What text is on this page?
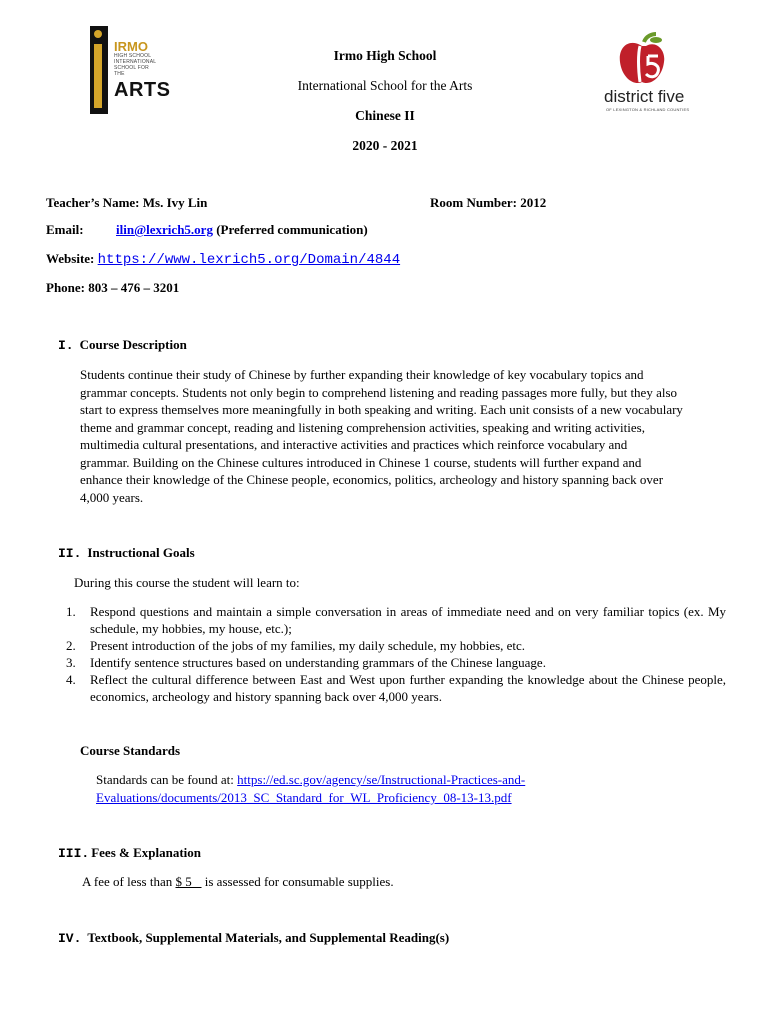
IRMO
HIGH SCHOOL
INTERNATIONAL
SCHOOL FOR THE
ARTS
Irmo High School
International School for the Arts
Chinese II
2020 - 2021
district five
OF LEXINGTON & RICHLAND COUNTIES
Teacher’s Name: Ms. Ivy Lin	Room Number: 2012
Email: ilin@lexrich5.org (Preferred communication)
Website: https://www.lexrich5.org/Domain/4844
Phone: 803 – 476 – 3201
I. Course Description
Students continue their study of Chinese by further expanding their knowledge of key vocabulary topics and
grammar concepts. Students not only begin to comprehend listening and reading passages more fully, but they also
start to express themselves more meaningfully in both speaking and writing. Each unit consists of a new vocabulary
theme and grammar concept, reading and listening comprehension activities, speaking and writing activities,
multimedia cultural presentations, and interactive activities and practices which reinforce vocabulary and
grammar. Building on the Chinese cultures introduced in Chinese 1 course, students will further expand and
enhance their knowledge of the Chinese people, economics, politics, archeology and history spanning back over
4,000 years.
II. Instructional Goals
During this course the student will learn to:
1. Respond questions and maintain a simple conversation in areas of immediate need and on very familiar topics (ex. My schedule, my hobbies, my house, etc.);
2. Present introduction of the jobs of my families, my daily schedule, my hobbies, etc.
3. Identify sentence structures based on understanding grammars of the Chinese language.
4. Reflect the cultural difference between East and West upon further expanding the knowledge about the Chinese people, economics, archeology and history spanning back over 4,000 years.
Course Standards
Standards can be found at: https://ed.sc.gov/agency/se/Instructional-Practices-and-
Evaluations/documents/2013_SC_Standard_for_WL_Proficiency_08-13-13.pdf
III. Fees & Explanation
A fee of less than $ 5    is assessed for consumable supplies.
IV. Textbook, Supplemental Materials, and Supplemental Reading(s)
